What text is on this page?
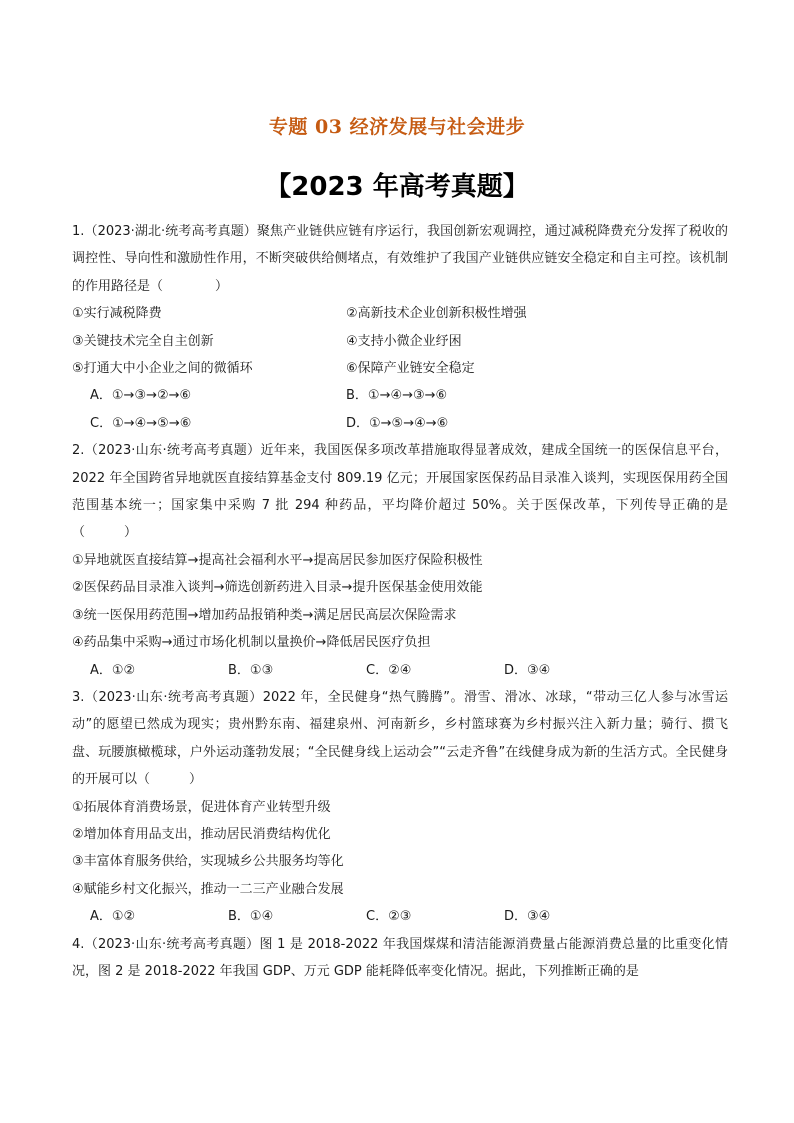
专题 03 经济发展与社会进步
【2023 年高考真题】

1.（2023·湖北·统考高考真题）聚焦产业链供应链有序运行，我国创新宏观调控，通过减税降费充分发挥了税收的调控性、导向性和激励性作用，不断突破供给侧堵点，有效维护了我国产业链供应链安全稳定和自主可控。该机制的作用路径是（　　　　）

①实行减税降费	②高新技术企业创新积极性增强
③关键技术完全自主创新	④支持小微企业纾困
⑤打通大中小企业之间的微循环	⑥保障产业链安全稳定
A．①→③→②→⑥	B．①→④→③→⑥
C．①→④→⑤→⑥	D．①→⑤→④→⑥

2.（2023·山东·统考高考真题）近年来，我国医保多项改革措施取得显著成效，建成全国统一的医保信息平台，2022 年全国跨省异地就医直接结算基金支付 809.19 亿元；开展国家医保药品目录准入谈判，实现医保用药全国范围基本统一；国家集中采购 7 批 294 种药品，平均降价超过 50%。关于医保改革，下列传导正确的是（　　　）

①异地就医直接结算→提高社会福利水平→提高居民参加医疗保险积极性

②医保药品目录准入谈判→筛选创新药进入目录→提升医保基金使用效能

③统一医保用药范围→增加药品报销种类→满足居民高层次保险需求

④药品集中采购→通过市场化机制以量换价→降低居民医疗负担

A．①②	B．①③	C．②④	D．③④

3.（2023·山东·统考高考真题）2022 年，全民健身“热气腾腾”。滑雪、滑冰、冰球，“带动三亿人参与冰雪运动”的愿望已然成为现实；贵州黔东南、福建泉州、河南新乡，乡村篮球赛为乡村振兴注入新力量；骑行、掼飞盘、玩腰旗橄榄球，户外运动蓬勃发展；“全民健身线上运动会”“云走齐鲁”在线健身成为新的生活方式。全民健身的开展可以（　　　）

①拓展体育消费场景，促进体育产业转型升级

②增加体育用品支出，推动居民消费结构优化

③丰富体育服务供给，实现城乡公共服务均等化

④赋能乡村文化振兴，推动一二三产业融合发展

A．①②	B．①④	C．②③	D．③④

4.（2023·山东·统考高考真题）图 1 是 2018-2022 年我国煤煤和清洁能源消费量占能源消费总量的比重变化情况，图 2 是 2018-2022 年我国 GDP、万元 GDP 能耗降低率变化情况。据此，下列推断正确的是
